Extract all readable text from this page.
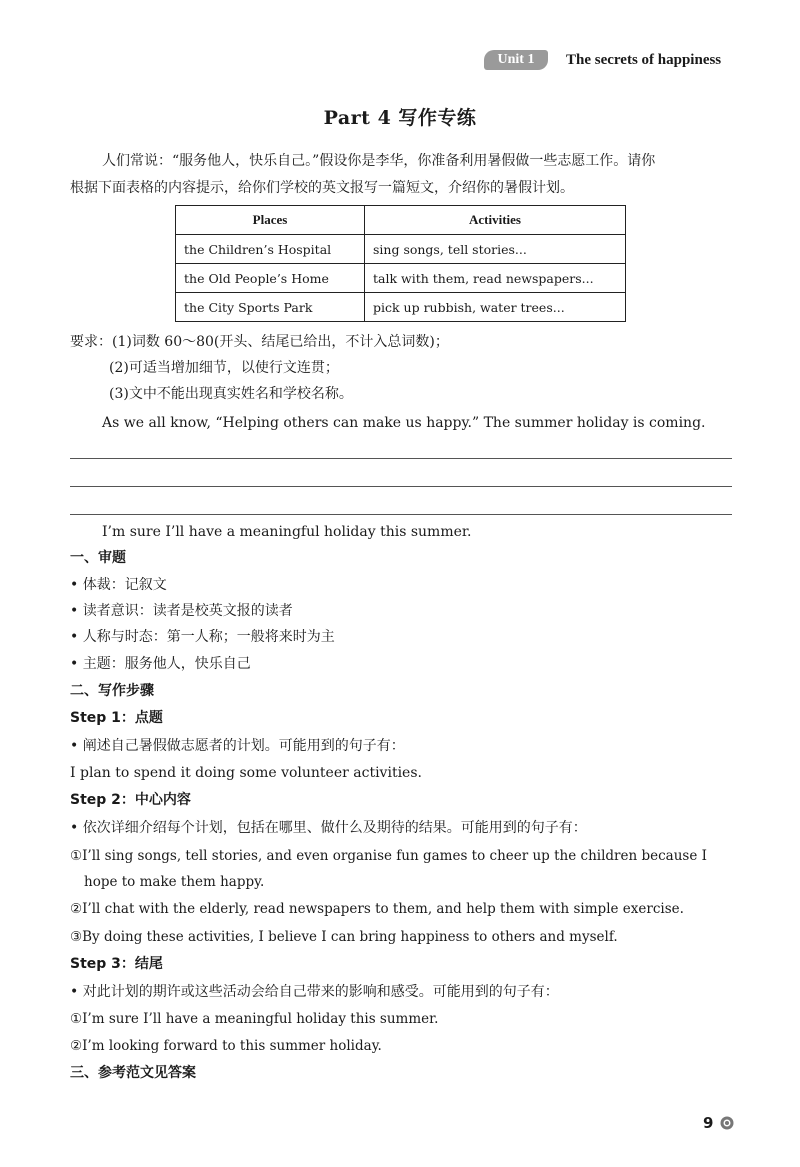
Unit 1	The secrets of happiness
Part 4 写作专练
人们常说：“服务他人，快乐自己。”假设你是李华，你准备利用暑假做一些志愿工作。请你
根据下面表格的内容提示，给你们学校的英文报写一篇短文，介绍你的暑假计划。
Places	Activities
the Children’s Hospital	sing songs, tell stories...
the Old People’s Home	talk with them, read newspapers...
the City Sports Park	pick up rubbish, water trees...
要求：(1)词数 60～80(开头、结尾已给出，不计入总词数)；
(2)可适当增加细节，以使行文连贯；
(3)文中不能出现真实姓名和学校名称。
As we all know, “Helping others can make us happy.” The summer holiday is coming.
I’m sure I’ll have a meaningful holiday this summer.
一、审题
• 体裁：记叙文
• 读者意识：读者是校英文报的读者
• 人称与时态：第一人称；一般将来时为主
• 主题：服务他人，快乐自己
二、写作步骤
Step 1：点题
• 阐述自己暑假做志愿者的计划。可能用到的句子有：
I plan to spend it doing some volunteer activities.
Step 2：中心内容
• 依次详细介绍每个计划，包括在哪里、做什么及期待的结果。可能用到的句子有：
①I’ll sing songs, tell stories, and even organise fun games to cheer up the children because I
hope to make them happy.
②I’ll chat with the elderly, read newspapers to them, and help them with simple exercise.
③By doing these activities, I believe I can bring happiness to others and myself.
Step 3：结尾
• 对此计划的期许或这些活动会给自己带来的影响和感受。可能用到的句子有：
①I’m sure I’ll have a meaningful holiday this summer.
②I’m looking forward to this summer holiday.
三、参考范文见答案
9
